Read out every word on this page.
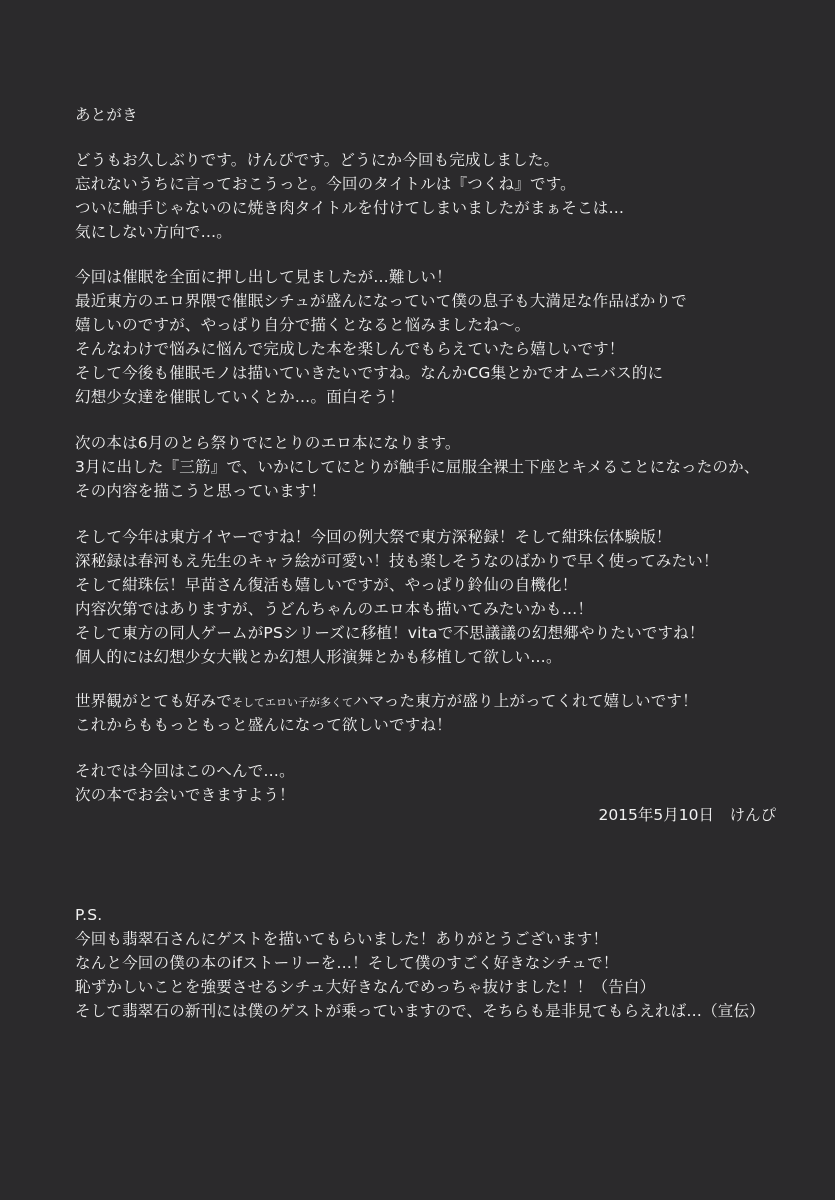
あとがき
どうもお久しぶりです。けんぴです。どうにか今回も完成しました。
忘れないうちに言っておこうっと。今回のタイトルは『つくね』です。
ついに触手じゃないのに焼き肉タイトルを付けてしまいましたがまぁそこは…
気にしない方向で…。
今回は催眠を全面に押し出して見ましたが…難しい！
最近東方のエロ界隈で催眠シチュが盛んになっていて僕の息子も大満足な作品ばかりで
嬉しいのですが、やっぱり自分で描くとなると悩みましたね～。
そんなわけで悩みに悩んで完成した本を楽しんでもらえていたら嬉しいです！
そして今後も催眠モノは描いていきたいですね。なんかCG集とかでオムニバス的に
幻想少女達を催眠していくとか…。面白そう！
次の本は6月のとら祭りでにとりのエロ本になります。
3月に出した『三筋』で、いかにしてにとりが触手に屈服全裸土下座とキメることになったのか、
その内容を描こうと思っています！
そして今年は東方イヤーですね！今回の例大祭で東方深秘録！そして紺珠伝体験版！
深秘録は春河もえ先生のキャラ絵が可愛い！技も楽しそうなのばかりで早く使ってみたい！
そして紺珠伝！早苗さん復活も嬉しいですが、やっぱり鈴仙の自機化！
内容次第ではありますが、うどんちゃんのエロ本も描いてみたいかも…！
そして東方の同人ゲームがPSシリーズに移植！vitaで不思議議の幻想郷やりたいですね！
個人的には幻想少女大戦とか幻想人形演舞とかも移植して欲しい…。
世界観がとても好みでそしてエロい子が多くてハマった東方が盛り上がってくれて嬉しいです！
これからももっともっと盛んになって欲しいですね！
それでは今回はこのへんで…。
次の本でお会いできますよう！
2015年5月10日　けんぴ
P.S.
今回も翡翠石さんにゲストを描いてもらいました！ありがとうございます！
なんと今回の僕の本のifストーリーを…！そして僕のすごく好きなシチュで！
恥ずかしいことを強要させるシチュ大好きなんでめっちゃ抜けました！！（告白）
そして翡翠石の新刊には僕のゲストが乗っていますので、そちらも是非見てもらえれば…（宣伝）
